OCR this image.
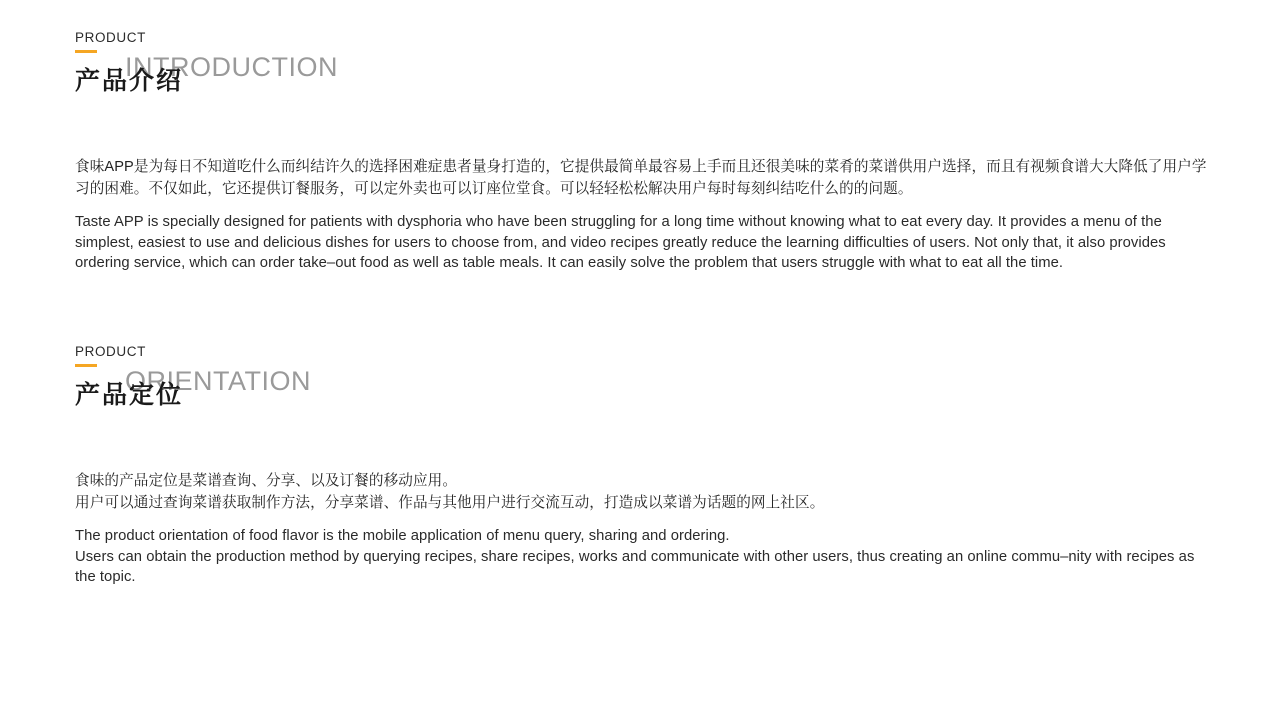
PRODUCT
产品介绍
INTRODUCTION
食味APP是为每日不知道吃什么而纠结许久的选择困难症患者量身打造的，它提供最简单最容易上手而且还很美味的菜肴的菜谱供用户选择，而且有视频食谱大大降低了用户学习的困难。不仅如此，它还提供订餐服务，可以定外卖也可以订座位堂食。可以轻轻松松解决用户每时每刻纠结吃什么的的问题。
Taste APP is specially designed for patients with dysphoria who have been struggling for a long time without knowing what to eat every day. It provides a menu of the simplest, easiest to use and delicious dishes for users to choose from, and video recipes greatly reduce the learning difficulties of users. Not only that, it also provides ordering service, which can order take–out food as well as table meals. It can easily solve the problem that users struggle with what to eat all the time.
PRODUCT
产品定位
ORIENTATION
食味的产品定位是菜谱查询、分享、以及订餐的移动应用。
用户可以通过查询菜谱获取制作方法，分享菜谱、作品与其他用户进行交流互动，打造成以菜谱为话题的网上社区。
The product orientation of food flavor is the mobile application of menu query, sharing and ordering.
Users can obtain the production method by querying recipes, share recipes, works and communicate with other users, thus creating an online commu–nity with recipes as the topic.
